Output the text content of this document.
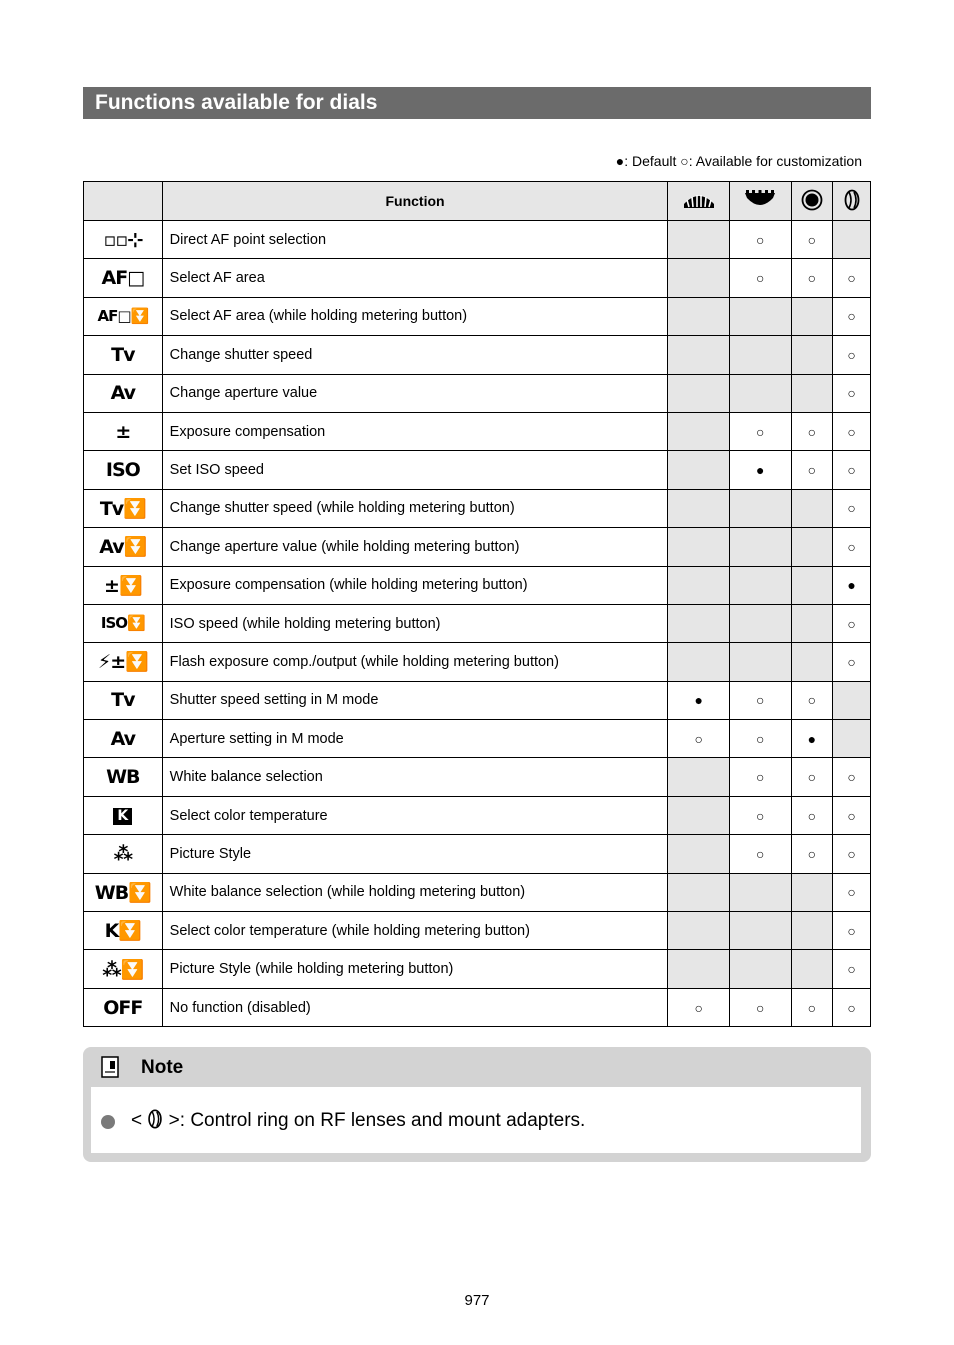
Functions available for dials
●: Default ○: Available for customization
	Function				
▫▫⊹	Direct AF point selection		○	○	
AF□	Select AF area		○	○	○
AF□⏬	Select AF area (while holding metering button)				○
Tv	Change shutter speed				○
Av	Change aperture value				○
±	Exposure compensation		○	○	○
ISO	Set ISO speed		●	○	○
Tv⏬	Change shutter speed (while holding metering button)				○
Av⏬	Change aperture value (while holding metering button)				○
±⏬	Exposure compensation (while holding metering button)				●
ISO⏬	ISO speed (while holding metering button)				○
⚡±⏬	Flash exposure comp./output (while holding metering button)				○
Tv	Shutter speed setting in M mode	●	○	○	
Av	Aperture setting in M mode	○	○	●	
WB	White balance selection		○	○	○
K	Select color temperature		○	○	○
⁂	Picture Style		○	○	○
WB⏬	White balance selection (while holding metering button)				○
K⏬	Select color temperature (while holding metering button)				○
⁂⏬	Picture Style (while holding metering button)				○
OFF	No function (disabled)	○	○	○	○
Note
< >: Control ring on RF lenses and mount adapters.
977
